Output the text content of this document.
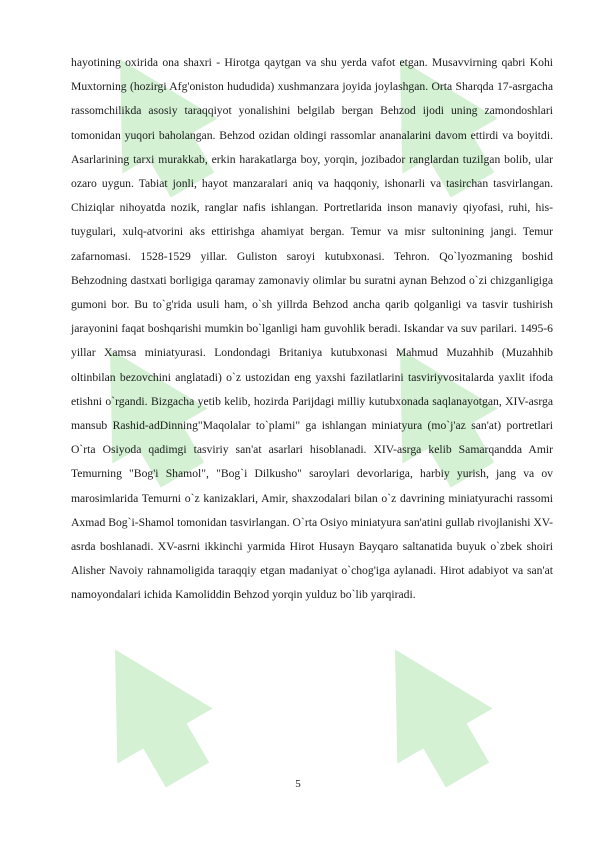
hayotining oxirida ona shaxri - Hirotga qaytgan va shu yerda vafot etgan. Musavvirning qabri Kohi Muxtorning (hozirgi Afg'oniston hududida) xushmanzara joyida joylashgan. Orta Sharqda 17-asrgacha rassomchilikda asosiy taraqqiyot yonalishini belgilab bergan Behzod ijodi uning zamondoshlari tomonidan yuqori baholangan. Behzod ozidan oldingi rassomlar ananalarini davom ettirdi va boyitdi. Asarlarining tarxi murakkab, erkin harakatlarga boy, yorqin, jozibador ranglardan tuzilgan bolib, ular ozaro uygun. Tabiat jonli, hayot manzaralari aniq va haqqoniy, ishonarli va tasirchan tasvirlangan. Chiziqlar nihoyatda nozik, ranglar nafis ishlangan. Portretlarida inson manaviy qiyofasi, ruhi, his-tuygulari, xulq-atvorini aks ettirishga ahamiyat bergan. Temur va misr sultonining jangi. Temur zafarnomasi. 1528-1529 yillar. Guliston saroyi kutubxonasi. Tehron. Qo`lyozmaning boshid Behzodning dastxati borligiga qaramay zamonaviy olimlar bu suratni aynan Behzod o`zi chizganligiga gumoni bor. Bu to`g'rida usuli ham, o`sh yillrda Behzod ancha qarib qolganligi va tasvir tushirish jarayonini faqat boshqarishi mumkin bo`lganligi ham guvohlik beradi. Iskandar va suv parilari. 1495-6 yillar Xamsa miniatyurasi. Londondagi Britaniya kutubxonasi Mahmud Muzahhib (Muzahhib oltinbilan bezovchini anglatadi) o`z ustozidan eng yaxshi fazilatlarini tasviriyvositalarda yaxlit ifoda etishni o`rgandi. Bizgacha yetib kelib, hozirda Parijdagi milliy kutubxonada saqlanayotgan, XIV-asrga mansub Rashid-adDinning"Maqolalar to`plami" ga ishlangan miniatyura (mo`j'az san'at) portretlari O`rta Osiyoda qadimgi tasviriy san'at asarlari hisoblanadi. XIV-asrga kelib Samarqandda Amir Temurning "Bog'i Shamol", "Bog`i Dilkusho" saroylari devorlariga, harbiy yurish, jang va ov marosimlarida Temurni o`z kanizaklari, Amir, shaxzodalari bilan o`z davrining miniatyurachi rassomi Axmad Bog`i-Shamol tomonidan tasvirlangan. O`rta Osiyo miniatyura san'atini gullab rivojlanishi XV-asrda boshlanadi. XV-asrni ikkinchi yarmida Hirot Husayn Bayqaro saltanatida buyuk o`zbek shoiri Alisher Navoiy rahnamoligida taraqqiy etgan madaniyat o`chog'iga aylanadi. Hirot adabiyot va san'at namoyondalari ichida Kamoliddin Behzod yorqin yulduz bo`lib yarqiradi.
5
